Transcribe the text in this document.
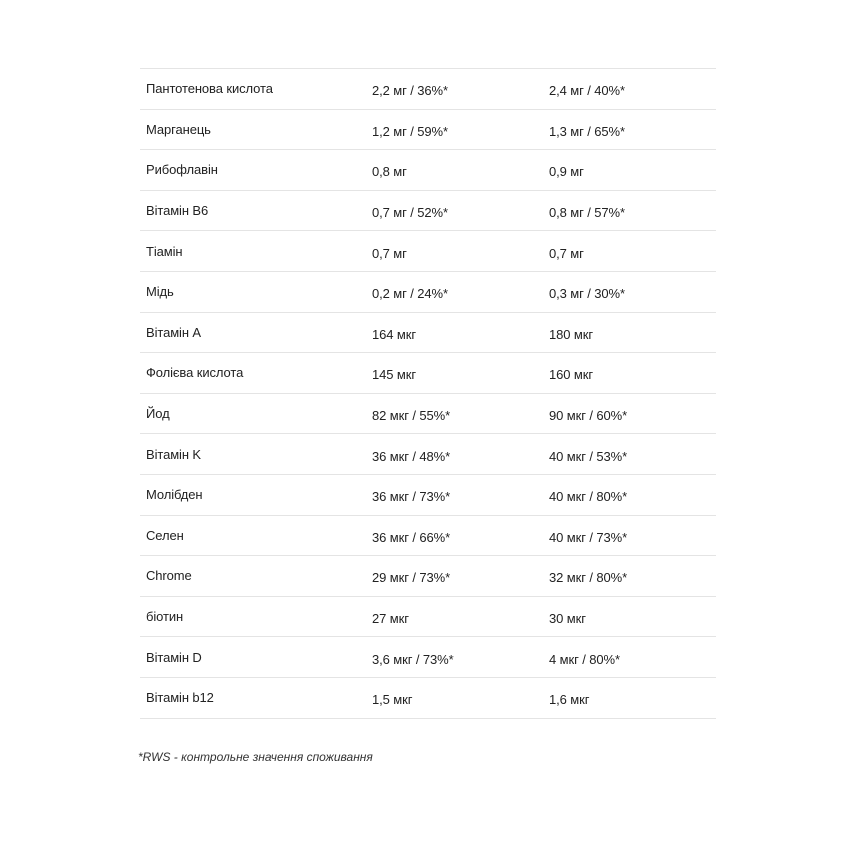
Пантотенова кислота	2,2 мг / 36%*	2,4 мг / 40%*
Марганець	1,2 мг / 59%*	1,3 мг / 65%*
Рибофлавін	0,8 мг	0,9 мг
Вітамін B6	0,7 мг / 52%*	0,8 мг / 57%*
Тіамін	0,7 мг	0,7 мг
Мідь	0,2 мг / 24%*	0,3 мг / 30%*
Вітамін A	164 мкг	180 мкг
Фолієва кислота	145 мкг	160 мкг
Йод	82 мкг / 55%*	90 мкг / 60%*
Вітамін K	36 мкг / 48%*	40 мкг / 53%*
Молібден	36 мкг / 73%*	40 мкг / 80%*
Селен	36 мкг / 66%*	40 мкг / 73%*
Chrome	29 мкг / 73%*	32 мкг / 80%*
біотин	27 мкг	30 мкг
Вітамін D	3,6 мкг / 73%*	4 мкг / 80%*
Вітамін b12	1,5 мкг	1,6 мкг
*RWS - контрольне значення споживання
